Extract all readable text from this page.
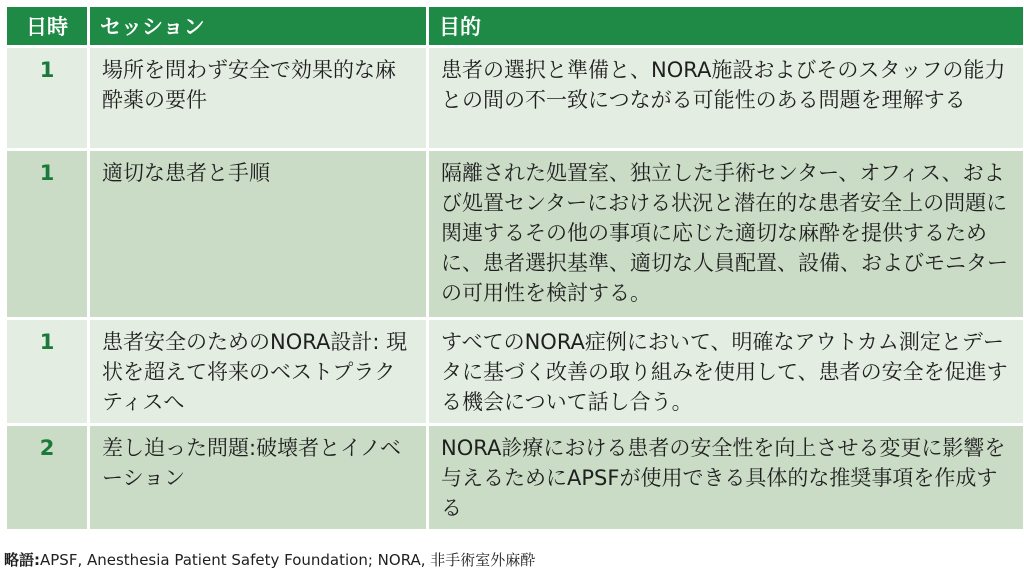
日時	セッション	目的
1	場所を問わず安全で効果的な麻酔薬の要件	患者の選択と準備と、NORA施設およびそのスタッフの能力との間の不一致につながる可能性のある問題を理解する
1	適切な患者と手順	隔離された処置室、独立した手術センター、オフィス、および処置センターにおける状況と潜在的な患者安全上の問題に関連するその他の事項に応じた適切な麻酔を提供するために、患者選択基準、適切な人員配置、設備、およびモニターの可用性を検討する。
1	患者安全のためのNORA設計: 現状を超えて将来のベストプラクティスへ	すべてのNORA症例において、明確なアウトカム測定とデータに基づく改善の取り組みを使用して、患者の安全を促進する機会について話し合う。
2	差し迫った問題:破壊者とイノベーション	NORA診療における患者の安全性を向上させる変更に影響を与えるためにAPSFが使用できる具体的な推奨事項を作成する
略語:APSF, Anesthesia Patient Safety Foundation; NORA, 非手術室外麻酔
